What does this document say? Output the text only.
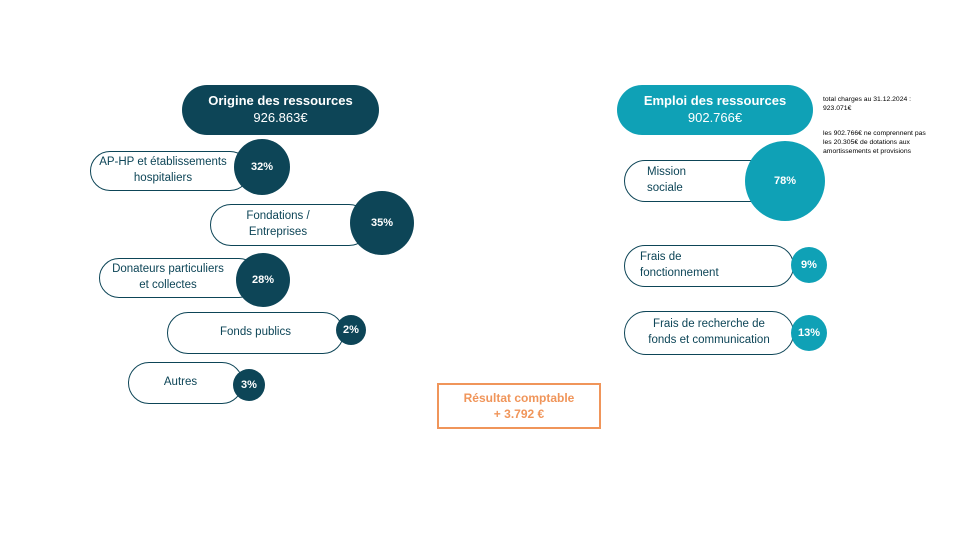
Origine des ressources
926.863€
AP-HP et établissements
hospitaliers
32%
Fondations /
Entreprises
35%
Donateurs particuliers
et collectes	28%
Fonds publics	2%
Autres	3%
Emploi des ressources
902.766€

total charges au 31.12.2024 :
923.071€

les 902.766€ ne comprennent pas
les 20.305€ de dotations aux
amortissements et provisions

Mission
sociale
78%
Frais de
fonctionnement
9%
Frais de recherche de
fonds et communication
13%
Résultat comptable
+ 3.792 €
